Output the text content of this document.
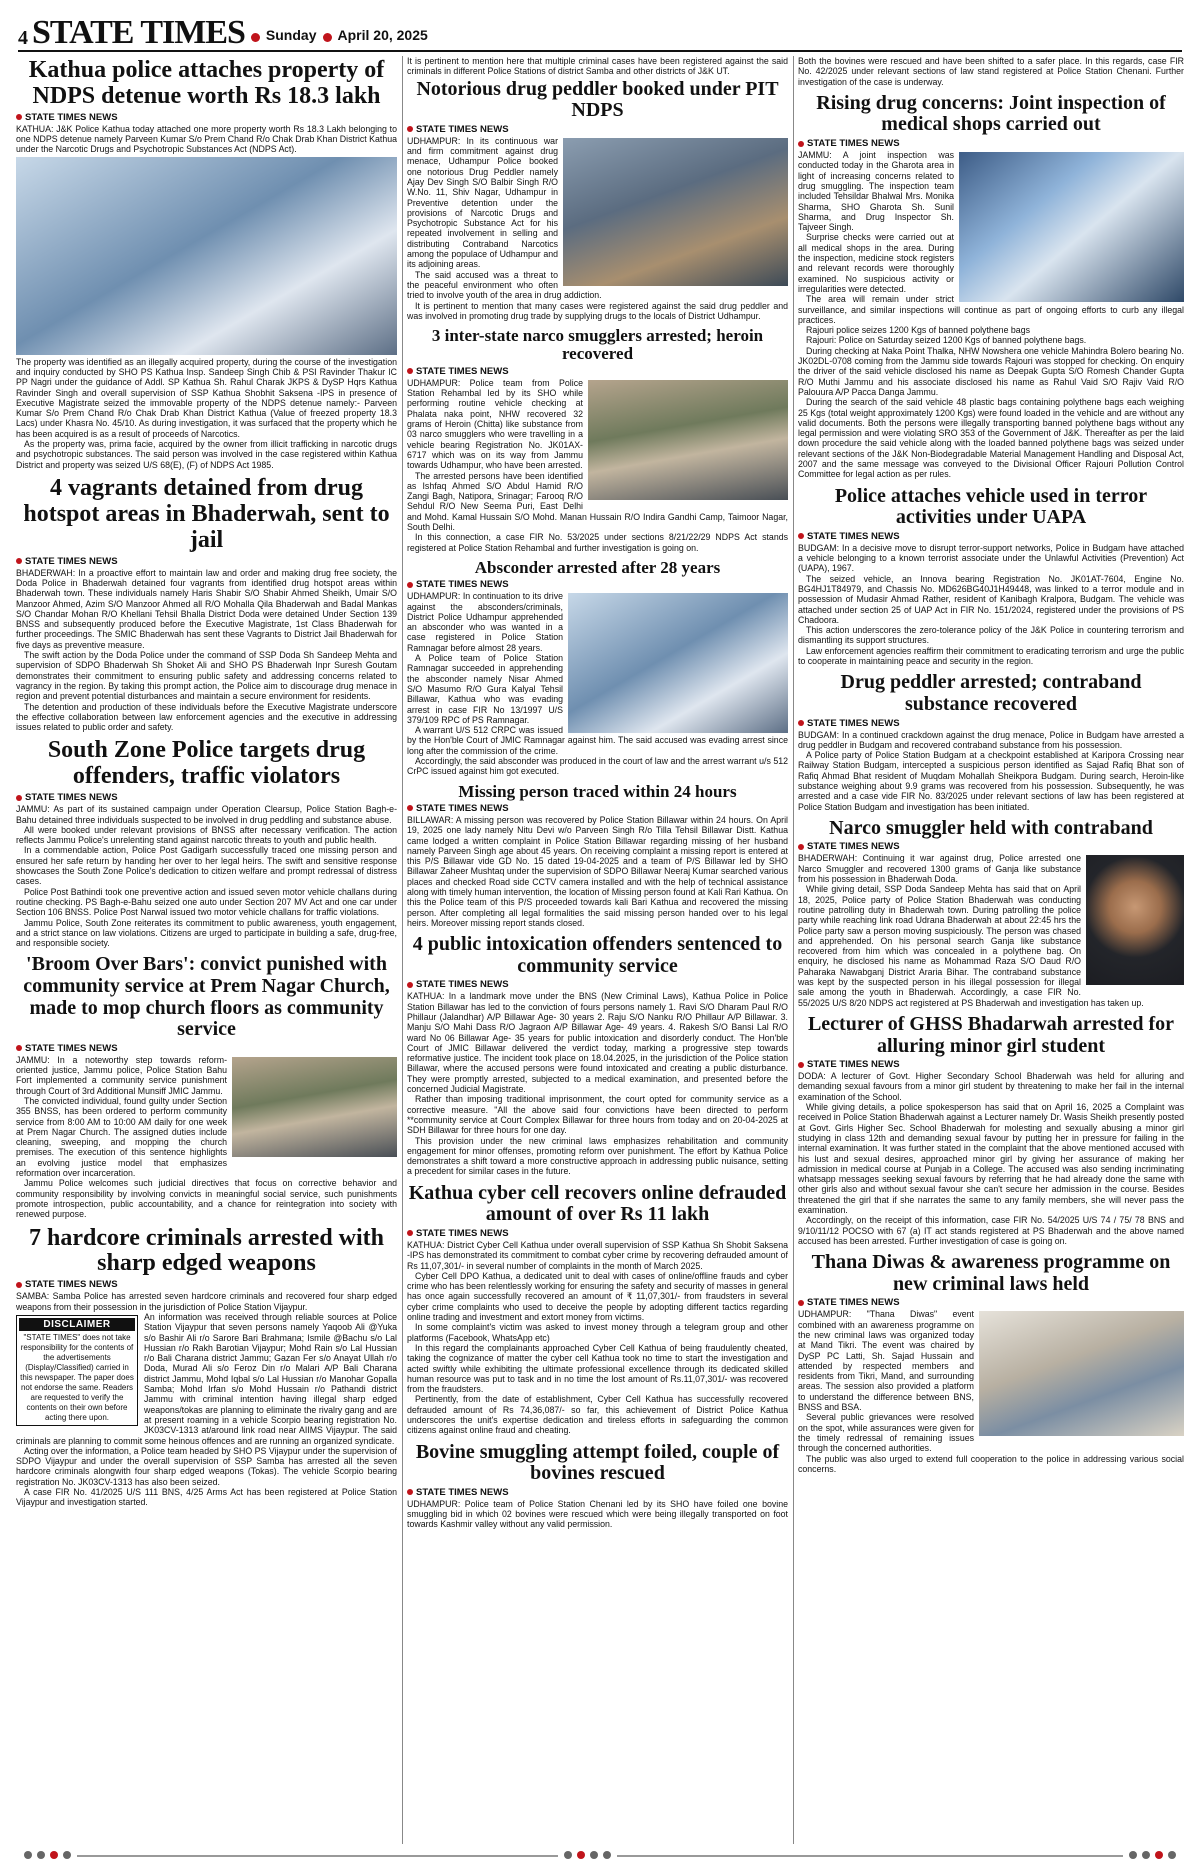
4 STATE TIMES Sunday April 20, 2025
Kathua police attaches property of NDPS detenue worth Rs 18.3 lakh
STATE TIMES NEWS

KATHUA: J&K Police Kathua today attached one more property worth Rs 18.3 Lakh belonging to one NDPS detenue namely Parveen Kumar S/o Prem Chand R/o Chak Drab Khan District Kathua under the Narcotic Drugs and Psychotropic Substances Act (NDPS Act).

The property was identified as an illegally acquired property, during the course of the investigation and inquiry conducted by SHO PS Kathua Insp. Sandeep Singh Chib & PSI Ravinder Thakur IC PP Nagri under the guidance of Addl. SP Kathua Sh. Rahul Charak JKPS & DySP Hqrs Kathua Ravinder Singh and overall supervision of SSP Kathua Shobhit Saksena -IPS in presence of Executive Magistrate seized the immovable property of the NDPS detenue namely:- Parveen Kumar S/o Prem Chand R/o Chak Drab Khan District Kathua (Value of freezed property 18.3 Lacs) under Khasra No. 45/10. As during investigation, it was surfaced that the property which he has been acquired is as a result of proceeds of Narcotics.

As the property was, prima facie, acquired by the owner from illicit trafficking in narcotic drugs and psychotropic substances. The said person was involved in the case registered within Kathua District and property was seized U/S 68(E), (F) of NDPS Act 1985.

4 vagrants detained from drug hotspot areas in Bhaderwah, sent to jail
STATE TIMES NEWS

BHADERWAH: In a proactive effort to maintain law and order and making drug free society, the Doda Police in Bhaderwah detained four vagrants from identified drug hotspot areas within Bhaderwah town. These individuals namely Haris Shabir S/O Shabir Ahmed Sheikh, Umair S/O Manzoor Ahmed, Azim S/O Manzoor Ahmed all R/O Mohalla Qila Bhaderwah and Badal Mankas S/O Chandar Mohan R/O Khellani Tehsil Bhalla District Doda were detained Under Section 139 BNSS and subsequently produced before the Executive Magistrate, 1st Class Bhaderwah for further proceedings. The SMIC Bhaderwah has sent these Vagrants to District Jail Bhaderwah for five days as preventive measure.

The swift action by the Doda Police under the command of SSP Doda Sh Sandeep Mehta and supervision of SDPO Bhaderwah Sh Shoket Ali and SHO PS Bhaderwah Inpr Suresh Goutam demonstrates their commitment to ensuring public safety and addressing concerns related to vagrancy in the region. By taking this prompt action, the Police aim to discourage drug menace in region and prevent potential disturbances and maintain a secure environment for residents.

The detention and production of these individuals before the Executive Magistrate underscore the effective collaboration between law enforcement agencies and the executive in addressing issues related to public order and safety.

South Zone Police targets drug offenders, traffic violators
STATE TIMES NEWS

JAMMU: As part of its sustained campaign under Operation Clearsup, Police Station Bagh-e-Bahu detained three individuals suspected to be involved in drug peddling and substance abuse.

All were booked under relevant provisions of BNSS after necessary verification. The action reflects Jammu Police's unrelenting stand against narcotic threats to youth and public health.

In a commendable action, Police Post Gadigarh successfully traced one missing person and ensured her safe return by handing her over to her legal heirs. The swift and sensitive response showcases the South Zone Police's dedication to citizen welfare and prompt redressal of distress cases.

Police Post Bathindi took one preventive action and issued seven motor vehicle challans during routine checking. PS Bagh-e-Bahu seized one auto under Section 207 MV Act and one car under Section 106 BNSS. Police Post Narwal issued two motor vehicle challans for traffic violations.

Jammu Police, South Zone reiterates its commitment to public awareness, youth engagement, and a strict stance on law violations. Citizens are urged to participate in building a safe, drug-free, and responsible society.

'Broom Over Bars': convict punished with community service at Prem Nagar Church, made to mop church floors as community service
STATE TIMES NEWS

JAMMU: In a noteworthy step towards reform-oriented justice, Jammu police, Police Station Bahu Fort implemented a community service punishment through Court of 3rd Additional Munsiff JMIC Jammu.

The convicted individual, found guilty under Section 355 BNSS, has been ordered to perform community service from 8:00 AM to 10:00 AM daily for one week at Prem Nagar Church. The assigned duties include cleaning, sweeping, and mopping the church premises. The execution of this sentence highlights an evolving justice model that emphasizes reformation over incarceration.

Jammu Police welcomes such judicial directives that focus on corrective behavior and community responsibility by involving convicts in meaningful social service, such punishments promote introspection, public accountability, and a chance for reintegration into society with renewed purpose.

7 hardcore criminals arrested with sharp edged weapons
STATE TIMES NEWS

SAMBA: Samba Police has arrested seven hardcore criminals and recovered four sharp edged weapons from their possession in the jurisdiction of Police Station Vijaypur.

DISCLAIMER
"STATE TIMES" does not take responsibility for the contents of the advertisements (Display/Classified) carried in this newspaper. The paper does not endorse the same. Readers are requested to verify the contents on their own before acting there upon.

An information was received through reliable sources at Police Station Vijaypur that seven persons namely Yaqoob Ali @Yuka s/o Bashir Ali r/o Sarore Bari Brahmana; Ismile @Bachu s/o Lal Hussian r/o Rakh Barotian Vijaypur; Mohd Rain s/o Lal Hussian r/o Bali Charana district Jammu; Gazan Fer s/o Anayat Ullah r/o Doda, Murad Ali s/o Feroz Din r/o Malari A/P Bali Charana district Jammu, Mohd Iqbal s/o Lal Hussian r/o Manohar Gopalla Samba; Mohd Irfan s/o Mohd Hussain r/o Pathandi district Jammu with criminal intention having illegal sharp edged weapons/tokas are planning to eliminate the rivalry gang and are at present roaming in a vehicle Scorpio bearing registration No. JK03CV-1313 at/around link road near AIIMS Vijaypur. The said criminals are planning to commit some heinous offences and are running an organized syndicate.

Acting over the information, a Police team headed by SHO PS Vijaypur under the supervision of SDPO Vijaypur and under the overall supervision of SSP Samba has arrested all the seven hardcore criminals alongwith four sharp edged weapons (Tokas). The vehicle Scorpio bearing registration No. JK03CV-1313 has also been seized.

A case FIR No. 41/2025 U/S 111 BNS, 4/25 Arms Act has been registered at Police Station Vijaypur and investigation started.

It is pertinent to mention here that multiple criminal cases have been registered against the said criminals in different Police Stations of district Samba and other districts of J&K UT.

Notorious drug peddler booked under PIT NDPS
STATE TIMES NEWS

UDHAMPUR: In its continuous war and firm commitment against drug menace, Udhampur Police booked one notorious Drug Peddler namely Ajay Dev Singh S/O Balbir Singh R/O W.No. 11, Shiv Nagar, Udhampur in Preventive detention under the provisions of Narcotic Drugs and Psychotropic Substance Act for his repeated involvement in selling and distributing Contraband Narcotics among the populace of Udhampur and its adjoining areas.

The said accused was a threat to the peaceful environment who often tried to involve youth of the area in drug addiction.

It is pertinent to mention that many cases were registered against the said drug peddler and was involved in promoting drug trade by supplying drugs to the locals of District Udhampur.

3 inter-state narco smugglers arrested; heroin recovered
STATE TIMES NEWS

UDHAMPUR: Police team from Police Station Rehambal led by its SHO while performing routine vehicle checking at Phalata naka point, NHW recovered 32 grams of Heroin (Chitta) like substance from 03 narco smugglers who were travelling in a vehicle bearing Registration No. JK01AX-6717 which was on its way from Jammu towards Udhampur, who have been arrested.

The arrested persons have been identified as Ishfaq Ahmed S/O Abdul Hamid R/O Zangi Bagh, Natipora, Srinagar; Farooq R/O Sehdul R/O New Seema Puri, East Delhi and Mohd. Kamal Hussain S/O Mohd. Manan Hussain R/O Indira Gandhi Camp, Taimoor Nagar, South Delhi.

In this connection, a case FIR No. 53/2025 under sections 8/21/22/29 NDPS Act stands registered at Police Station Rehambal and further investigation is going on.

Absconder arrested after 28 years
STATE TIMES NEWS

UDHAMPUR: In continuation to its drive against the absconders/criminals, District Police Udhampur apprehended an absconder who was wanted in a case registered in Police Station Ramnagar before almost 28 years.

A Police team of Police Station Ramnagar succeeded in apprehending the absconder namely Nisar Ahmed S/O Masumo R/O Gura Kalyal Tehsil Billawar, Kathua who was evading arrest in case FIR No 13/1997 U/S 379/109 RPC of PS Ramnagar.

A warrant U/S 512 CRPC was issued by the Hon'ble Court of JMIC Ramnagar against him. The said accused was evading arrest since long after the commission of the crime.

Accordingly, the said absconder was produced in the court of law and the arrest warrant u/s 512 CrPC issued against him got executed.

Missing person traced within 24 hours
STATE TIMES NEWS

BILLAWAR: A missing person was recovered by Police Station Billawar within 24 hours. On April 19, 2025 one lady namely Nitu Devi w/o Parveen Singh R/o Tilla Tehsil Billawar Distt. Kathua came lodged a written complaint in Police Station Billawar regarding missing of her husband namely Parveen Singh age about 45 years. On receiving complaint a missing report is entered at this P/S Billawar vide GD No. 15 dated 19-04-2025 and a team of P/S Billawar led by SHO Billawar Zaheer Mushtaq under the supervision of SDPO Billawar Neeraj Kumar searched various places and checked Road side CCTV camera installed and with the help of technical assistance along with timely human intervention, the location of Missing person found at Kali Rari Kathua. On this the Police team of this P/S proceeded towards kali Bari Kathua and recovered the missing person. After completing all legal formalities the said missing person handed over to his legal heirs. Moreover missing report stands closed.

4 public intoxication offenders sentenced to community service
STATE TIMES NEWS

KATHUA: In a landmark move under the BNS (New Criminal Laws), Kathua Police in Police Station Billawar has led to the conviction of fours persons namely 1. Ravi S/O Dharam Paul R/O Phillaur (Jalandhar) A/P Billawar Age- 30 years 2. Raju S/O Nanku R/O Phillaur A/P Billawar. 3. Manju S/O Mahi Dass R/O Jagraon A/P Billawar Age- 49 years. 4. Rakesh S/O Bansi Lal R/O ward No 06 Billawar Age- 35 years for public intoxication and disorderly conduct. The Hon'ble Court of JMIC Billawar delivered the verdict today, marking a progressive step towards reformative justice. The incident took place on 18.04.2025, in the jurisdiction of the Police station Billawar, where the accused persons were found intoxicated and creating a public disturbance. They were promptly arrested, subjected to a medical examination, and presented before the concerned Judicial Magistrate.

Rather than imposing traditional imprisonment, the court opted for community service as a corrective measure. "All the above said four convictions have been directed to perform **community service at Court Complex Billawar for three hours from today and on 20-04-2025 at SDH Billawar for three hours for one day.

This provision under the new criminal laws emphasizes rehabilitation and community engagement for minor offenses, promoting reform over punishment. The effort by Kathua Police demonstrates a shift toward a more constructive approach in addressing public nuisance, setting a precedent for similar cases in the future.

Kathua cyber cell recovers online defrauded amount of over Rs 11 lakh
STATE TIMES NEWS

KATHUA: District Cyber Cell Kathua under overall supervision of SSP Kathua Sh Shobit Saksena -IPS has demonstrated its commitment to combat cyber crime by recovering defrauded amount of Rs 11,07,301/- in several number of complaints in the month of March 2025.

Cyber Cell DPO Kathua, a dedicated unit to deal with cases of online/offline frauds and cyber crime who has been relentlessly working for ensuring the safety and security of masses in general has once again successfully recovered an amount of ₹ 11,07,301/- from fraudsters in several cyber crime complaints who used to deceive the people by adopting different tactics regarding online trading and investment and extort money from victims.

In some complaint's victim was asked to invest money through a telegram group and other platforms (Facebook, WhatsApp etc)

In this regard the complainants approached Cyber Cell Kathua of being fraudulently cheated, taking the cognizance of matter the cyber cell Kathua took no time to start the investigation and acted swiftly while exhibiting the ultimate professional excellence through its dedicated skilled human resource was put to task and in no time the lost amount of Rs.11,07,301/- was recovered from the fraudsters.

Pertinently, from the date of establishment, Cyber Cell Kathua has successfully recovered defrauded amount of Rs 74,36,087/- so far, this achievement of District Police Kathua underscores the unit's expertise dedication and tireless efforts in safeguarding the common citizens against online fraud and cheating.

Bovine smuggling attempt foiled, couple of bovines rescued
STATE TIMES NEWS

UDHAMPUR: Police team of Police Station Chenani led by its SHO have foiled one bovine smuggling bid in which 02 bovines were rescued which were being illegally transported on foot towards Kashmir valley without any valid permission.

Both the bovines were rescued and have been shifted to a safer place. In this regards, case FIR No. 42/2025 under relevant sections of law stand registered at Police Station Chenani. Further investigation of the case is underway.

Rising drug concerns: Joint inspection of medical shops carried out
STATE TIMES NEWS

JAMMU: A joint inspection was conducted today in the Gharota area in light of increasing concerns related to drug smuggling. The inspection team included Tehsildar Bhalwal Mrs. Monika Sharma, SHO Gharota Sh. Sunil Sharma, and Drug Inspector Sh. Tajveer Singh.

Surprise checks were carried out at all medical shops in the area. During the inspection, medicine stock registers and relevant records were thoroughly examined. No suspicious activity or irregularities were detected.

The area will remain under strict surveillance, and similar inspections will continue as part of ongoing efforts to curb any illegal practices.

Rajouri police seizes 1200 Kgs of banned polythene bags

Rajouri: Police on Saturday seized 1200 Kgs of banned polythene bags.

During checking at Naka Point Thalka, NHW Nowshera one vehicle Mahindra Bolero bearing No. JK02DL-0708 coming from the Jammu side towards Rajouri was stopped for checking. On enquiry the driver of the said vehicle disclosed his name as Deepak Gupta S/O Romesh Chander Gupta R/O Muthi Jammu and his associate disclosed his name as Rahul Vaid S/O Rajiv Vaid R/O Palouura A/P Pacca Danga Jammu.

During the search of the said vehicle 48 plastic bags containing polythene bags each weighing 25 Kgs (total weight approximately 1200 Kgs) were found loaded in the vehicle and are without any valid documents. Both the persons were illegally transporting banned polythene bags without any legal permission and were violating SRO 353 of the Government of J&K. Thereafter as per the laid down procedure the said vehicle along with the loaded banned polythene bags was seized under relevant sections of the J&K Non-Biodegradable Material Management Handling and Disposal Act, 2007 and the same message was conveyed to the Divisional Officer Rajouri Pollution Control Committee for legal action as per rules.

Police attaches vehicle used in terror activities under UAPA
STATE TIMES NEWS

BUDGAM: In a decisive move to disrupt terror-support networks, Police in Budgam have attached a vehicle belonging to a known terrorist associate under the Unlawful Activities (Prevention) Act (UAPA), 1967.

The seized vehicle, an Innova bearing Registration No. JK01AT-7604, Engine No. BG4HJ1T84979, and Chassis No. MD626BG40J1H49448, was linked to a terror module and in possession of Mudasir Ahmad Rather, resident of Kanibagh Kralpora, Budgam. The vehicle was attached under section 25 of UAP Act in FIR No. 151/2024, registered under the provisions of PS Chadoora.

This action underscores the zero-tolerance policy of the J&K Police in countering terrorism and dismantling its support structures.

Law enforcement agencies reaffirm their commitment to eradicating terrorism and urge the public to cooperate in maintaining peace and security in the region.

Drug peddler arrested; contraband substance recovered
STATE TIMES NEWS

BUDGAM: In a continued crackdown against the drug menace, Police in Budgam have arrested a drug peddler in Budgam and recovered contraband substance from his possession.

A Police party of Police Station Budgam at a checkpoint established at Karipora Crossing near Railway Station Budgam, intercepted a suspicious person identified as Sajad Rafiq Bhat son of Rafiq Ahmad Bhat resident of Muqdam Mohallah Sheikpora Budgam. During search, Heroin-like substance weighing about 9.9 grams was recovered from his possession. Subsequently, he was arrested and a case vide FIR No. 83/2025 under relevant sections of law has been registered at Police Station Budgam and investigation has been initiated.

Narco smuggler held with contraband
STATE TIMES NEWS

BHADERWAH: Continuing it war against drug, Police arrested one Narco Smuggler and recovered 1300 grams of Ganja like substance from his possession in Bhaderwah Doda.

While giving detail, SSP Doda Sandeep Mehta has said that on April 18, 2025, Police party of Police Station Bhaderwah was conducting routine patrolling duty in Bhaderwah town. During patrolling the police party while reaching link road Udrana Bhaderwah at about 22:45 hrs the Police party saw a person moving suspiciously. The person was chased and apprehended. On his personal search Ganja like substance recovered from him which was concealed in a polythene bag. On enquiry, he disclosed his name as Mohammad Raza S/O Daud R/O Paharaka Nawabganj District Araria Bihar. The contraband substance was kept by the suspected person in his illegal possession for illegal sale among the youth in Bhaderwah. Accordingly, a case FIR No. 55/2025 U/S 8/20 NDPS act registered at PS Bhaderwah and investigation has taken up.

Lecturer of GHSS Bhadarwah arrested for alluring minor girl student
STATE TIMES NEWS

DODA: A lecturer of Govt. Higher Secondary School Bhaderwah was held for alluring and demanding sexual favours from a minor girl student by threatening to make her fail in the internal examination of the School.

While giving details, a police spokesperson has said that on April 16, 2025 a Complaint was received in Police Station Bhaderwah against a Lecturer namely Dr. Wasis Sheikh presently posted at Govt. Girls Higher Sec. School Bhaderwah for molesting and sexually abusing a minor girl studying in class 12th and demanding sexual favour by putting her in pressure for failing in the internal examination. It was further stated in the complaint that the above mentioned accused with his lust and sexual desires, approached minor girl by giving her assurance of making her admission in medical course at Punjab in a College. The accused was also sending incriminating whatsapp messages seeking sexual favours by referring that he had already done the same with other girls also and without sexual favour she can't secure her admission in the course. Besides threatened the girl that if she narrates the same to any family members, she will never pass the examination.

Accordingly, on the receipt of this information, case FIR No. 54/2025 U/S 74 / 75/ 78 BNS and 9/10/11/12 POCSO with 67 (a) IT act stands registered at PS Bhaderwah and the above named accused has been arrested. Further investigation of case is going on.

Thana Diwas & awareness programme on new criminal laws held
STATE TIMES NEWS

UDHAMPUR: "Thana Diwas" event combined with an awareness programme on the new criminal laws was organized today at Mand Tikri. The event was chaired by DySP PC Latti, Sh. Sajad Hussain and attended by respected members and residents from Tikri, Mand, and surrounding areas. The session also provided a platform to understand the difference between BNS, BNSS and BSA.

Several public grievances were resolved on the spot, while assurances were given for the timely redressal of remaining issues through the concerned authorities.

The public was also urged to extend full cooperation to the police in addressing various social concerns.
